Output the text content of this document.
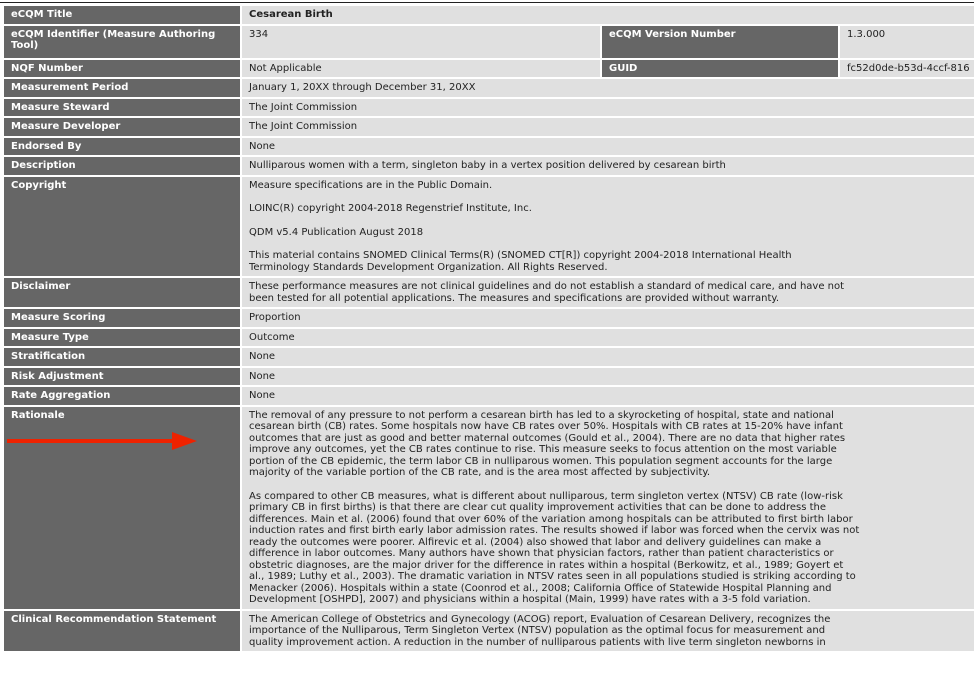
eCQM Title	Cesarean Birth		
eCQM Identifier (Measure Authoring Tool)	334	eCQM Version Number	1.3.000
NQF Number	Not Applicable	GUID	fc52d0de-b53d-4ccf-816
Measurement Period	January 1, 20XX through December 31, 20XX		
Measure Steward	The Joint Commission		
Measure Developer	The Joint Commission		
Endorsed By	None		
Description	Nulliparous women with a term, singleton baby in a vertex position delivered by cesarean birth		
Copyright	Measure specifications are in the Public Domain.

LOINC(R) copyright 2004-2018 Regenstrief Institute, Inc.

QDM v5.4 Publication August 2018

This material contains SNOMED Clinical Terms(R) (SNOMED CT[R]) copyright 2004-2018 International Health Terminology Standards Development Organization. All Rights Reserved.		

Disclaimer	These performance measures are not clinical guidelines and do not establish a standard of medical care, and have not been tested for all potential applications. The measures and specifications are provided without warranty.		

Measure Scoring	Proportion		
Measure Type	Outcome		
Stratification	None		
Risk Adjustment	None		
Rate Aggregation	None		
Rationale	The removal of any pressure to not perform a cesarean birth has led to a skyrocketing of hospital, state and national cesarean birth (CB) rates. Some hospitals now have CB rates over 50%. Hospitals with CB rates at 15-20% have infant outcomes that are just as good and better maternal outcomes (Gould et al., 2004). There are no data that higher rates improve any outcomes, yet the CB rates continue to rise. This measure seeks to focus attention on the most variable portion of the CB epidemic, the term labor CB in nulliparous women. This population segment accounts for the large majority of the variable portion of the CB rate, and is the area most affected by subjectivity.

As compared to other CB measures, what is different about nulliparous, term singleton vertex (NTSV) CB rate (low-risk primary CB in first births) is that there are clear cut quality improvement activities that can be done to address the differences. Main et al. (2006) found that over 60% of the variation among hospitals can be attributed to first birth labor induction rates and first birth early labor admission rates. The results showed if labor was forced when the cervix was not ready the outcomes were poorer. Alfirevic et al. (2004) also showed that labor and delivery guidelines can make a difference in labor outcomes. Many authors have shown that physician factors, rather than patient characteristics or obstetric diagnoses, are the major driver for the difference in rates within a hospital (Berkowitz, et al., 1989; Goyert et al., 1989; Luthy et al., 2003). The dramatic variation in NTSV rates seen in all populations studied is striking according to Menacker (2006). Hospitals within a state (Coonrod et al., 2008; California Office of Statewide Hospital Planning and Development [OSHPD], 2007) and physicians within a hospital (Main, 1999) have rates with a 3-5 fold variation.		

Clinical Recommendation Statement	The American College of Obstetrics and Gynecology (ACOG) report, Evaluation of Cesarean Delivery, recognizes the importance of the Nulliparous, Term Singleton Vertex (NTSV) population as the optimal focus for measurement and quality improvement action. A reduction in the number of nulliparous patients with live term singleton newborns in		
